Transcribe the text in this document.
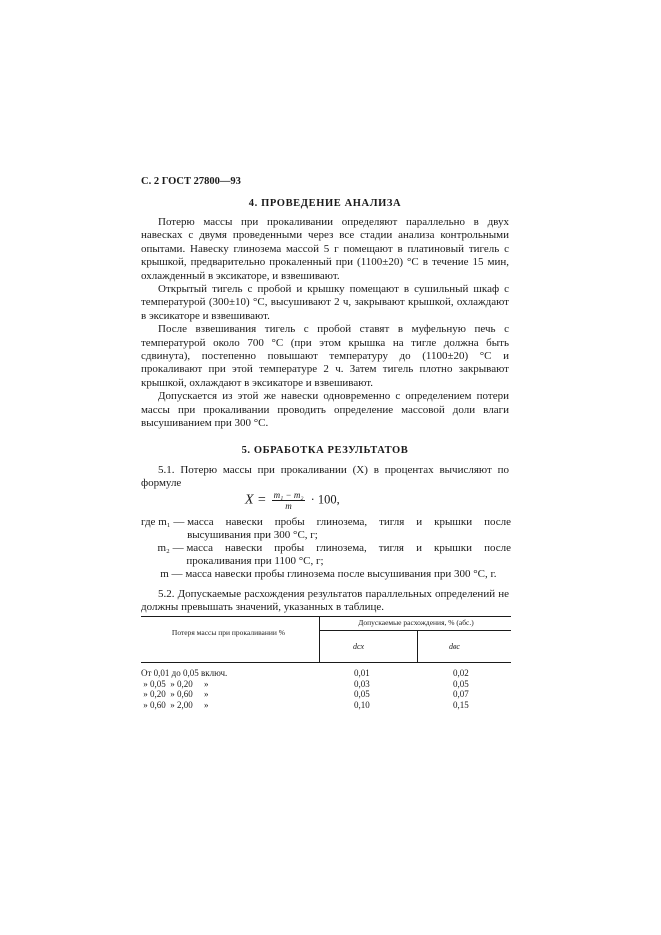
С. 2 ГОСТ 27800—93
4. ПРОВЕДЕНИЕ АНАЛИЗА

Потерю массы при прокаливании определяют параллельно в двух навесках с двумя проведенными через все стадии анализа контрольными опытами. Навеску глинозема массой 5 г помещают в платиновый тигель с крышкой, предварительно прокаленный при (1100±20) °С в течение 15 мин, охлажденный в эксикаторе, и взвешивают.

Открытый тигель с пробой и крышку помещают в сушильный шкаф с температурой (300±10) °С, высушивают 2 ч, закрывают крышкой, охлаждают в эксикаторе и взвешивают.

После взвешивания тигель с пробой ставят в муфельную печь с температурой около 700 °С (при этом крышка на тигле должна быть сдвинута), постепенно повышают температуру до (1100±20) °С и прокаливают при этой температуре 2 ч. Затем тигель плотно закрывают крышкой, охлаждают в эксикаторе и взвешивают.

Допускается из этой же навески одновременно с определением потери массы при прокаливании проводить определение массовой доли влаги высушиванием при 300 °С.

5. ОБРАБОТКА РЕЗУЛЬТАТОВ

5.1. Потерю массы при прокаливании (X) в процентах вычисляют по формуле

$X = \frac{\text{m₁ − m₂}}{m} \cdot 100$,
где m₁ — масса навески пробы глинозема, тигля и крышки после высушивания при 300 °С, г;
m₂ — масса навески пробы глинозема, тигля и крышки после прокаливания при 1100 °С, г;
m — масса навески пробы глинозема после высушивания при 300 °С, г.

5.2. Допускаемые расхождения результатов параллельных определений не должны превышать значений, указанных в таблице.

Потеря массы при прокаливании %
Допускаемые расхождения, % (абс.)
dсх	dвс
От 0,01 до 0,05 включ.	0,01	0,02
» 0,05  » 0,20     »	0,03	0,05
» 0,20  » 0,60     »	0,05	0,07
» 0,60  » 2,00     »	0,10	0,15
